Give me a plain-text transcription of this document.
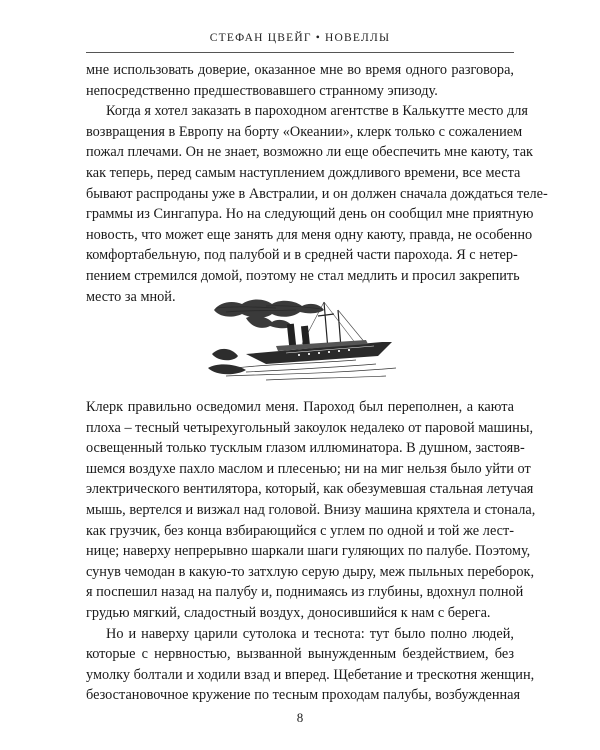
СТЕФАН ЦВЕЙГ • НОВЕЛЛЫ
мне использовать доверие, оказанное мне во время одного разговора,
непосредственно предшествовавшего странному эпизоду.
Когда я хотел заказать в пароходном агентстве в Калькутте место для
возвращения в Европу на борту «Океании», клерк только с сожалением
пожал плечами. Он не знает, возможно ли еще обеспечить мне каюту, так
как теперь, перед самым наступлением дождливого времени, все места
бывают распроданы уже в Австралии, и он должен сначала дождаться теле-
граммы из Сингапура. Но на следующий день он сообщил мне приятную
новость, что может еще занять для меня одну каюту, правда, не особенно
комфортабельную, под палубой и в средней части парохода. Я с нетер-
пением стремился домой, поэтому не стал медлить и просил закрепить
место за мной.
Клерк правильно осведомил меня. Пароход был переполнен, а каюта
плоха – тесный четырехугольный закоулок недалеко от паровой машины,
освещенный только тусклым глазом иллюминатора. В душном, застояв-
шемся воздухе пахло маслом и плесенью; ни на миг нельзя было уйти от
электрического вентилятора, который, как обезумевшая стальная летучая
мышь, вертелся и визжал над головой. Внизу машина кряхтела и стонала,
как грузчик, без конца взбирающийся с углем по одной и той же лест-
нице; наверху непрерывно шаркали шаги гуляющих по палубе. Поэтому,
сунув чемодан в какую-то затхлую серую дыру, меж пыльных переборок,
я поспешил назад на палубу и, поднимаясь из глубины, вдохнул полной
грудью мягкий, сладостный воздух, доносившийся к нам с берега.
Но и наверху царили сутолока и теснота: тут было полно людей,
которые с нервностью, вызванной вынужденным бездействием, без
умолку болтали и ходили взад и вперед. Щебетание и трескотня женщин,
безостановочное кружение по тесным проходам палубы, возбужденная
8
